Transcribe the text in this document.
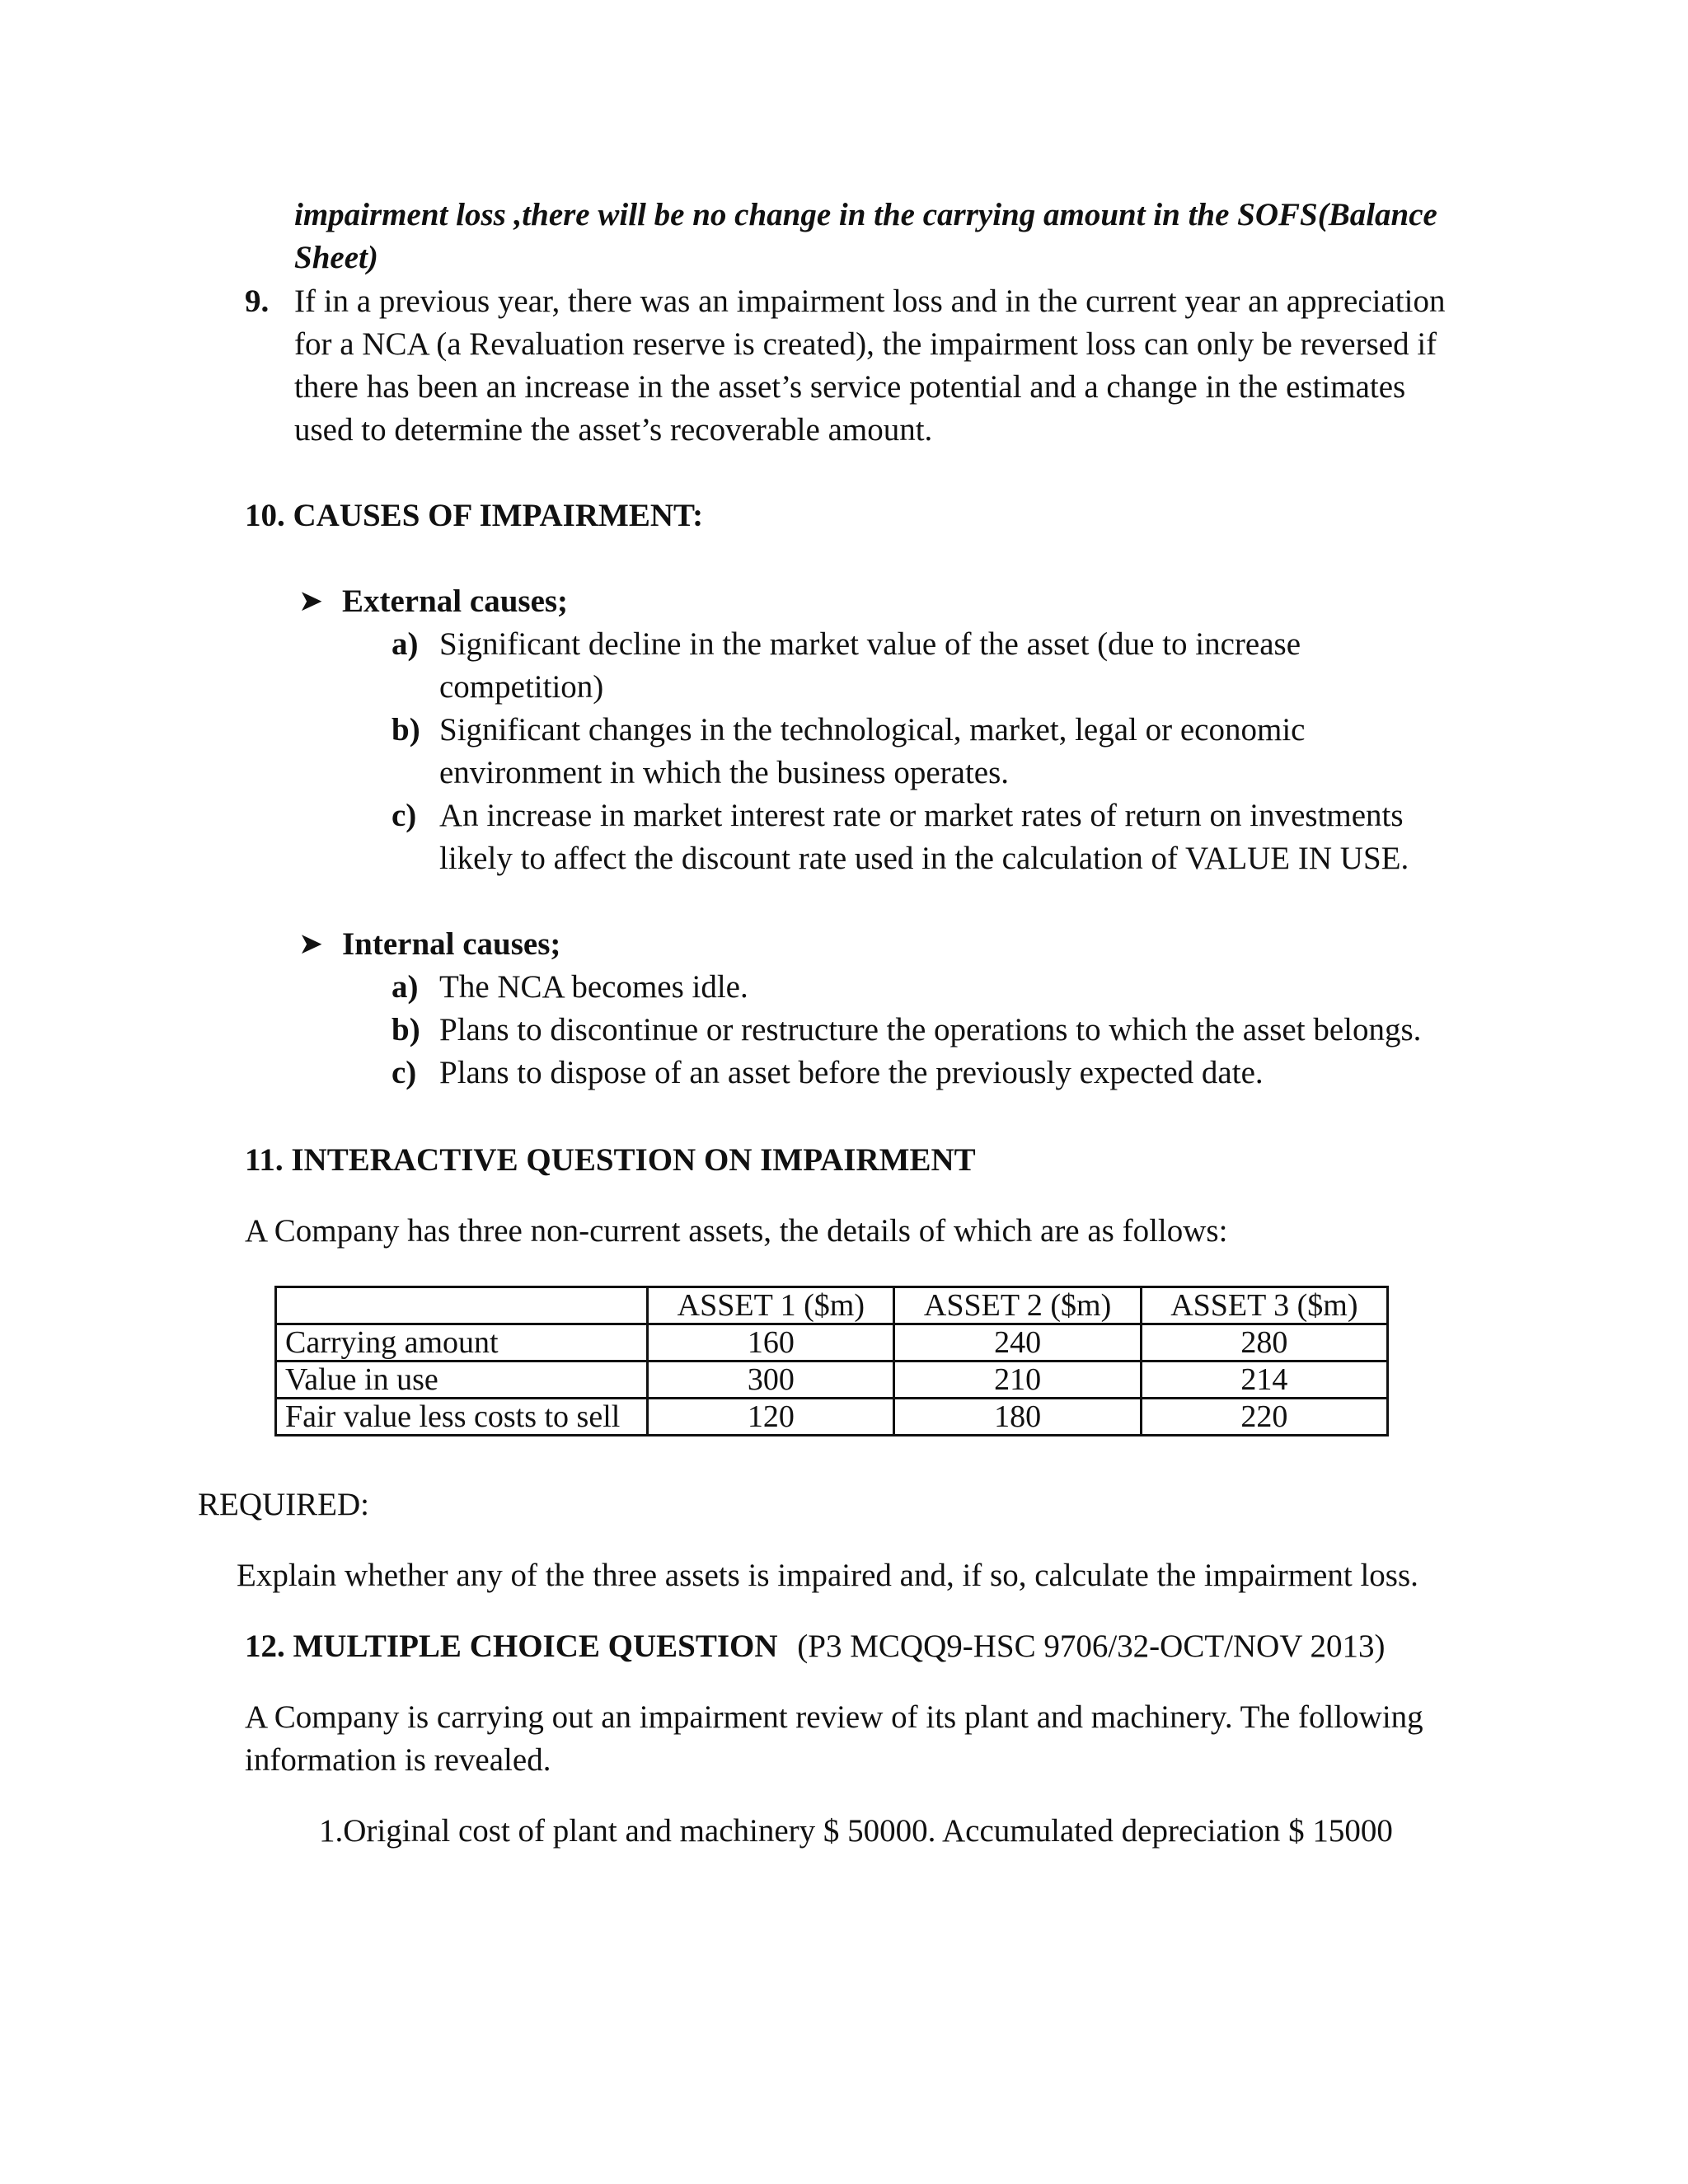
impairment loss ,there will be no change in the carrying amount in the SOFS(Balance
Sheet)
9. If in a previous year, there was an impairment loss and in the current year an appreciation
for a NCA (a Revaluation reserve is created), the impairment loss can only be reversed if
there has been an increase in the asset’s service potential and a change in the estimates
used to determine the asset’s recoverable amount.
10. CAUSES OF IMPAIRMENT:
➤ External causes;
a) Significant decline in the market value of the asset (due to increase
competition)
b) Significant changes in the technological, market, legal or economic
environment in which the business operates.
c) An increase in market interest rate or market rates of return on investments
likely to affect the discount rate used in the calculation of VALUE IN USE.
➤ Internal causes;
a) The NCA becomes idle.
b) Plans to discontinue or restructure the operations to which the asset belongs.
c) Plans to dispose of an asset before the previously expected date.
11. INTERACTIVE QUESTION ON IMPAIRMENT
A Company has three non-current assets, the details of which are as follows:
	ASSET 1 ($m)	ASSET 2 ($m)	ASSET 3 ($m)
Carrying amount	160	240	280
Value in use	300	210	214
Fair value less costs to sell	120	180	220
REQUIRED:
Explain whether any of the three assets is impaired and, if so, calculate the impairment loss.
12. MULTIPLE CHOICE QUESTION (P3 MCQQ9-HSC 9706/32-OCT/NOV 2013)
A Company is carrying out an impairment review of its plant and machinery. The following
information is revealed.
1.Original cost of plant and machinery $ 50000. Accumulated depreciation $ 15000
